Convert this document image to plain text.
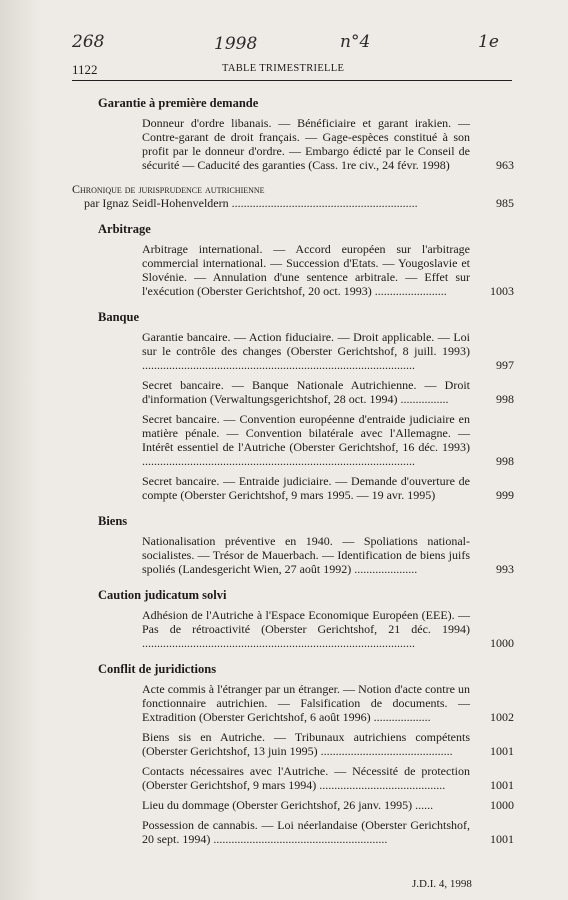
268	1998	n°4	1e
1122	TABLE TRIMESTRIELLE
Garantie à première demande
Donneur d'ordre libanais. — Bénéficiaire et garant irakien. — Contre-garant de droit français. — Gage-espèces constitué à son profit par le donneur d'ordre. — Embargo édicté par le Conseil de sécurité — Caducité des garanties (Cass. 1re civ., 24 févr. 1998)	963
Chronique de jurisprudence autrichienne
par Ignaz Seidl-Hohenveldern ..............................................................	985
Arbitrage
Arbitrage international. — Accord européen sur l'arbitrage commercial international. — Succession d'Etats. — Yougoslavie et Slovénie. — Annulation d'une sentence arbitrale. — Effet sur l'exécution (Oberster Gerichtshof, 20 oct. 1993) ........................	1003
Banque
Garantie bancaire. — Action fiduciaire. — Droit applicable. — Loi sur le contrôle des changes (Oberster Gerichtshof, 8 juill. 1993) ...........................................................................................	997
Secret bancaire. — Banque Nationale Autrichienne. — Droit d'information (Verwaltungsgerichtshof, 28 oct. 1994) ................	998
Secret bancaire. — Convention européenne d'entraide judiciaire en matière pénale. — Convention bilatérale avec l'Allemagne. — Intérêt essentiel de l'Autriche (Oberster Gerichtshof, 16 déc. 1993) ...........................................................................................	998
Secret bancaire. — Entraide judiciaire. — Demande d'ouverture de compte (Oberster Gerichtshof, 9 mars 1995. — 19 avr. 1995)	999
Biens
Nationalisation préventive en 1940. — Spoliations national-socialistes. — Trésor de Mauerbach. — Identification de biens juifs spoliés (Landesgericht Wien, 27 août 1992) .....................	993
Caution judicatum solvi
Adhésion de l'Autriche à l'Espace Economique Européen (EEE). — Pas de rétroactivité (Oberster Gerichtshof, 21 déc. 1994) ...........................................................................................	1000
Conflit de juridictions
Acte commis à l'étranger par un étranger. — Notion d'acte contre un fonctionnaire autrichien. — Falsification de documents. — Extradition (Oberster Gerichtshof, 6 août 1996) ...................	1002
Biens sis en Autriche. — Tribunaux autrichiens compétents (Oberster Gerichtshof, 13 juin 1995) ............................................	1001
Contacts nécessaires avec l'Autriche. — Nécessité de protection (Oberster Gerichtshof, 9 mars 1994) ..........................................	1001
Lieu du dommage (Oberster Gerichtshof, 26 janv. 1995) ......	1000
Possession de cannabis. — Loi néerlandaise (Oberster Gerichtshof, 20 sept. 1994) ..........................................................	1001
J.D.I. 4, 1998
